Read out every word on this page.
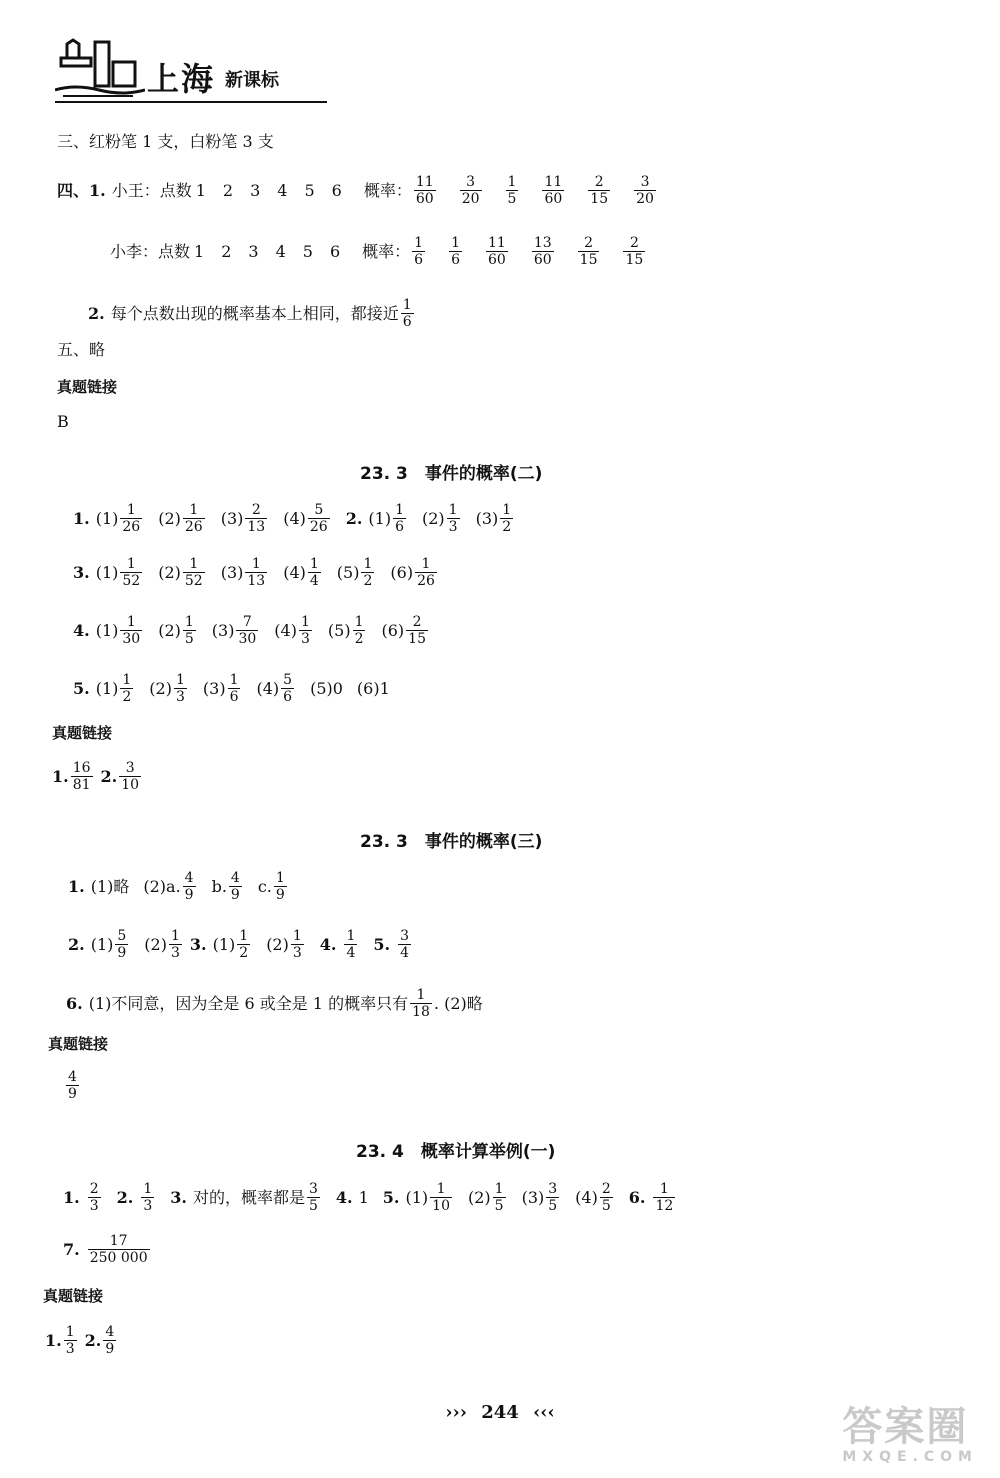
上海 新课标
三、红粉笔 1 支，白粉笔 3 支
四、1. 小王：点数 1 2 3 4 5 6 概率： $\frac{11}{60} \frac{3}{20} \frac{1}{5} \frac{11}{60} \frac{2}{15} \frac{3}{20}$
小李：点数 1 2 3 4 5 6 概率： $\frac{1}{6} \frac{1}{6} \frac{11}{60} \frac{13}{60} \frac{2}{15} \frac{2}{15}$
2. 每个点数出现的概率基本上相同，都接近 $\frac{1}{6}$
五、略
真题链接
B
23. 3　事件的概率(二)
1. $(1) \frac{1}{26} (2) \frac{1}{26} (3) \frac{2}{13} (4) \frac{5}{26} 2$. $(1) \frac{1}{6} (2) \frac{1}{3} (3) \frac{1}{2}$
3. $(1) \frac{1}{52} (2) \frac{1}{52} (3) \frac{1}{13} (4) \frac{1}{4} (5) \frac{1}{2} (6) \frac{1}{26}$
4. $(1) \frac{1}{30} (2) \frac{1}{5} (3) \frac{7}{30} (4) \frac{1}{3} (5) \frac{1}{2} (6) \frac{2}{15}$
5. $(1) \frac{1}{2} (2) \frac{1}{3} (3) \frac{1}{6} (4) \frac{5}{6} (5)0$ (6)1
真题链接
1. $\frac{16}{81} 2$. $\frac{3}{10}$
23. 3　事件的概率(三)
1. (1)略 (2)a. $\frac{4}{9} b$. $\frac{4}{9} c$. $\frac{1}{9}$
2. $(1) \frac{5}{9} (2) \frac{1}{3} 3$. $(1) \frac{1}{2} (2) \frac{1}{3} 4$. $\frac{1}{4} 5$. $\frac{3}{4}$
6. (1)不同意，因为全是 6 或全是 1 的概率只有 $\frac{1}{18}$ . (2)略
真题链接
$\frac{4}{9}$
23. 4　概率计算举例(一)
1. $\frac{2}{3} 2$. $\frac{1}{3} 3$. 对的，概率都是 $\frac{3}{5} 4$. 1 5. $(1) \frac{1}{10} (2) \frac{1}{5} (3) \frac{3}{5} (4) \frac{2}{5} 6$. $\frac{1}{12}$
7. $\frac{17}{250 000}$
真题链接
1. $\frac{1}{3} 2$. $\frac{4}{9}$
››› 244 ‹‹‹	答案圈
MXQE.COM
